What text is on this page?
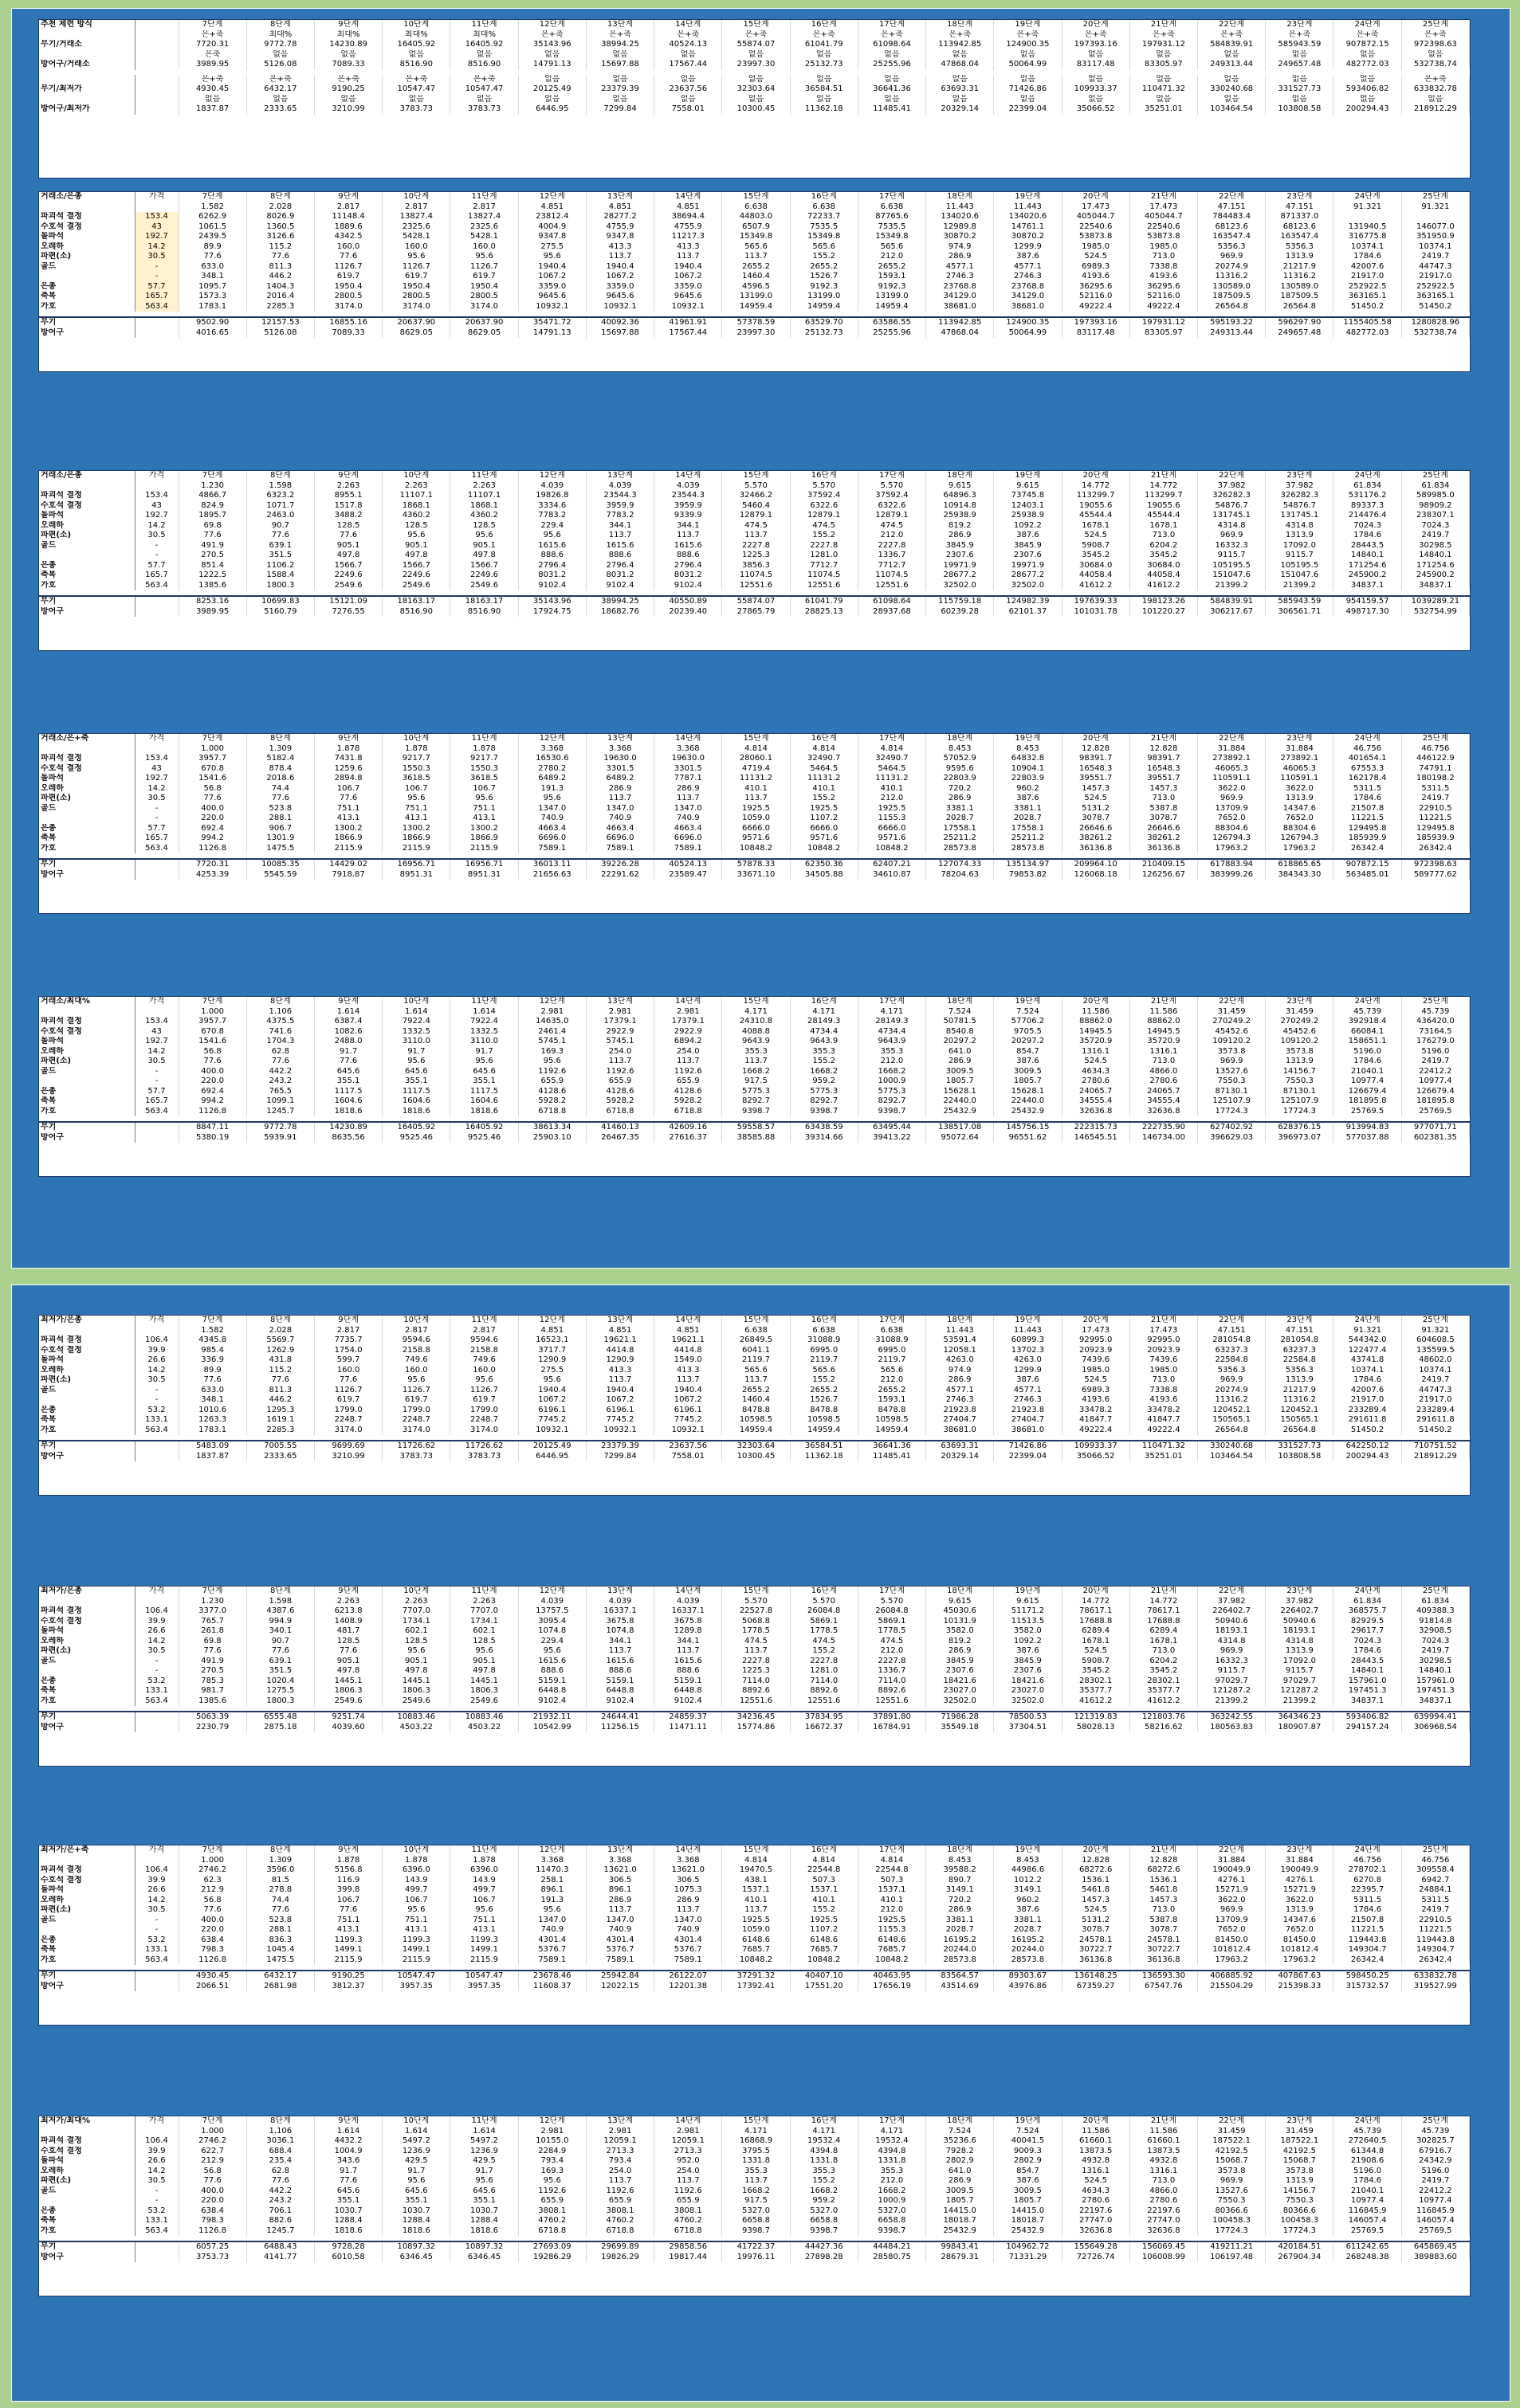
추천 제련 방식		7단계	8단계	9단계	10단계	11단계	12단계	13단계	14단계	15단계	16단계	17단계	18단계	19단계	20단계	21단계	22단계	23단계	24단계	25단계
		은+축	최대%	최대%	최대%	최대%	은+축	은+축	은+축	은+축	은+축	은+축	은+축	은+축	은+축	은+축	은+축	은+축	은+축	은+축
무기/거래소		7720.31	9772.78	14230.89	16405.92	16405.92	35143.96	38994.25	40524.13	55874.07	61041.79	61098.64	113942.85	124900.35	197393.16	197931.12	584839.91	585943.59	907872.15	972398.63
		은축	없음	없음	없음	없음	없음	없음	없음	없음	없음	없음	없음	없음	없음	없음	없음	없음	없음	없음
방어구/거래소		3989.95	5126.08	7089.33	8516.90	8516.90	14791.13	15697.88	17567.44	23997.30	25132.73	25255.96	47868.04	50064.99	83117.48	83305.97	249313.44	249657.48	482772.03	532738.74

		은+축	은+축	은+축	은+축	은+축	없음	없음	없음	없음	없음	없음	없음	없음	없음	없음	없음	없음	없음	은+축
무기/최저가		4930.45	6432.17	9190.25	10547.47	10547.47	20125.49	23379.39	23637.56	32303.64	36584.51	36641.36	63693.31	71426.86	109933.37	110471.32	330240.68	331527.73	593406.82	633832.78
		없음	없음	없음	없음	없음	없음	없음	없음	없음	없음	없음	없음	없음	없음	없음	없음	없음	없음	없음
방어구/최저가		1837.87	2333.65	3210.99	3783.73	3783.73	6446.95	7299.84	7558.01	10300.45	11362.18	11485.41	20329.14	22399.04	35066.52	35251.01	103464.54	103808.58	200294.43	218912.29
거래소/은총	가격	7단계	8단계	9단계	10단계	11단계	12단계	13단계	14단계	15단계	16단계	17단계	18단계	19단계	20단계	21단계	22단계	23단계	24단계	25단계
		1.582	2.028	2.817	2.817	2.817	4.851	4.851	4.851	6.638	6.638	6.638	11.443	11.443	17.473	17.473	47.151	47.151	91.321	91.321
파괴석 결정	153.4	6262.9	8026.9	11148.4	13827.4	13827.4	23812.4	28277.2	38694.4	44803.0	72233.7	87765.6	134020.6	134020.6	405044.7	405044.7	784483.4	871337.0		
수호석 결정	43	1061.5	1360.5	1889.6	2325.6	2325.6	4004.9	4755.9	4755.9	6507.9	7535.5	7535.5	12989.8	14761.1	22540.6	22540.6	68123.6	68123.6	131940.5	146077.0
돌파석	192.7	2439.5	3126.6	4342.5	5428.1	5428.1	9347.8	9347.8	11217.3	15349.8	15349.8	15349.8	30870.2	30870.2	53873.8	53873.8	163547.4	163547.4	316775.8	351950.9
오레하	14.2	89.9	115.2	160.0	160.0	160.0	275.5	413.3	413.3	565.6	565.6	565.6	974.9	1299.9	1985.0	1985.0	5356.3	5356.3	10374.1	10374.1
파편(소)	30.5	77.6	77.6	77.6	95.6	95.6	95.6	113.7	113.7	113.7	155.2	212.0	286.9	387.6	524.5	713.0	969.9	1313.9	1784.6	2419.7
골드	-	633.0	811.3	1126.7	1126.7	1126.7	1940.4	1940.4	1940.4	2655.2	2655.2	2655.2	4577.1	4577.1	6989.3	7338.8	20274.9	21217.9	42007.6	44747.3
	-	348.1	446.2	619.7	619.7	619.7	1067.2	1067.2	1067.2	1460.4	1526.7	1593.1	2746.3	2746.3	4193.6	4193.6	11316.2	11316.2	21917.0	21917.0
은총	57.7	1095.7	1404.3	1950.4	1950.4	1950.4	3359.0	3359.0	3359.0	4596.5	9192.3	9192.3	23768.8	23768.8	36295.6	36295.6	130589.0	130589.0	252922.5	252922.5
축복	165.7	1573.3	2016.4	2800.5	2800.5	2800.5	9645.6	9645.6	9645.6	13199.0	13199.0	13199.0	34129.0	34129.0	52116.0	52116.0	187509.5	187509.5	363165.1	363165.1
가호	563.4	1783.1	2285.3	3174.0	3174.0	3174.0	10932.1	10932.1	10932.1	14959.4	14959.4	14959.4	38681.0	38681.0	49222.4	49222.4	26564.8	26564.8	51450.2	51450.2

무기		9502.90	12157.53	16855.16	20637.90	20637.90	35471.72	40092.36	41961.91	57378.59	63529.70	63586.55	113942.85	124900.35	197393.16	197931.12	595193.22	596297.90	1155405.58	1280828.96
방어구		4016.65	5126.08	7089.33	8629.05	8629.05	14791.13	15697.88	17567.44	23997.30	25132.73	25255.96	47868.04	50064.99	83117.48	83305.97	249313.44	249657.48	482772.03	532738.74
거래소/은총	가격	7단계	8단계	9단계	10단계	11단계	12단계	13단계	14단계	15단계	16단계	17단계	18단계	19단계	20단계	21단계	22단계	23단계	24단계	25단계
		1.230	1.598	2.263	2.263	2.263	4.039	4.039	4.039	5.570	5.570	5.570	9.615	9.615	14.772	14.772	37.982	37.982	61.834	61.834
파괴석 결정	153.4	4866.7	6323.2	8955.1	11107.1	11107.1	19826.8	23544.3	23544.3	32466.2	37592.4	37592.4	64896.3	73745.8	113299.7	113299.7	326282.3	326282.3	531176.2	589985.0
수호석 결정	43	824.9	1071.7	1517.8	1868.1	1868.1	3334.6	3959.9	3959.9	5460.4	6322.6	6322.6	10914.8	12403.1	19055.6	19055.6	54876.7	54876.7	89337.3	98909.2
돌파석	192.7	1895.7	2463.0	3488.2	4360.2	4360.2	7783.2	7783.2	9339.9	12879.1	12879.1	12879.1	25938.9	25938.9	45544.4	45544.4	131745.1	131745.1	214476.4	238307.1
오레하	14.2	69.8	90.7	128.5	128.5	128.5	229.4	344.1	344.1	474.5	474.5	474.5	819.2	1092.2	1678.1	1678.1	4314.8	4314.8	7024.3	7024.3
파편(소)	30.5	77.6	77.6	77.6	95.6	95.6	95.6	113.7	113.7	113.7	155.2	212.0	286.9	387.6	524.5	713.0	969.9	1313.9	1784.6	2419.7
골드	-	491.9	639.1	905.1	905.1	905.1	1615.6	1615.6	1615.6	2227.8	2227.8	2227.8	3845.9	3845.9	5908.7	6204.2	16332.3	17092.0	28443.5	30298.5
	-	270.5	351.5	497.8	497.8	497.8	888.6	888.6	888.6	1225.3	1281.0	1336.7	2307.6	2307.6	3545.2	3545.2	9115.7	9115.7	14840.1	14840.1
은총	57.7	851.4	1106.2	1566.7	1566.7	1566.7	2796.4	2796.4	2796.4	3856.3	7712.7	7712.7	19971.9	19971.9	30684.0	30684.0	105195.5	105195.5	171254.6	171254.6
축복	165.7	1222.5	1588.4	2249.6	2249.6	2249.6	8031.2	8031.2	8031.2	11074.5	11074.5	11074.5	28677.2	28677.2	44058.4	44058.4	151047.6	151047.6	245900.2	245900.2
가호	563.4	1385.6	1800.3	2549.6	2549.6	2549.6	9102.4	9102.4	9102.4	12551.6	12551.6	12551.6	32502.0	32502.0	41612.2	41612.2	21399.2	21399.2	34837.1	34837.1

무기		8253.16	10699.83	15121.09	18163.17	18163.17	35143.96	38994.25	40550.89	55874.07	61041.79	61098.64	115759.18	124982.39	197639.33	198123.26	584839.91	585943.59	954159.57	1039289.21
방어구		3989.95	5160.79	7276.55	8516.90	8516.90	17924.75	18682.76	20239.40	27865.79	28825.13	28937.68	60239.28	62101.37	101031.78	101220.27	306217.67	306561.71	498717.30	532754.99
거래소/은+축	가격	7단계	8단계	9단계	10단계	11단계	12단계	13단계	14단계	15단계	16단계	17단계	18단계	19단계	20단계	21단계	22단계	23단계	24단계	25단계
		1.000	1.309	1.878	1.878	1.878	3.368	3.368	3.368	4.814	4.814	4.814	8.453	8.453	12.828	12.828	31.884	31.884	46.756	46.756
파괴석 결정	153.4	3957.7	5182.4	7431.8	9217.7	9217.7	16530.6	19630.0	19630.0	28060.1	32490.7	32490.7	57052.9	64832.8	98391.7	98391.7	273892.1	273892.1	401654.1	446122.9
수호석 결정	43	670.8	878.4	1259.6	1550.3	1550.3	2780.2	3301.5	3301.5	4719.4	5464.5	5464.5	9595.6	10904.1	16548.3	16548.3	46065.3	46065.3	67553.3	74791.1
돌파석	192.7	1541.6	2018.6	2894.8	3618.5	3618.5	6489.2	6489.2	7787.1	11131.2	11131.2	11131.2	22803.9	22803.9	39551.7	39551.7	110591.1	110591.1	162178.4	180198.2
오레하	14.2	56.8	74.4	106.7	106.7	106.7	191.3	286.9	286.9	410.1	410.1	410.1	720.2	960.2	1457.3	1457.3	3622.0	3622.0	5311.5	5311.5
파편(소)	30.5	77.6	77.6	77.6	95.6	95.6	95.6	113.7	113.7	113.7	155.2	212.0	286.9	387.6	524.5	713.0	969.9	1313.9	1784.6	2419.7
골드	-	400.0	523.8	751.1	751.1	751.1	1347.0	1347.0	1347.0	1925.5	1925.5	1925.5	3381.1	3381.1	5131.2	5387.8	13709.9	14347.6	21507.8	22910.5
	-	220.0	288.1	413.1	413.1	413.1	740.9	740.9	740.9	1059.0	1107.2	1155.3	2028.7	2028.7	3078.7	3078.7	7652.0	7652.0	11221.5	11221.5
은총	57.7	692.4	906.7	1300.2	1300.2	1300.2	4663.4	4663.4	4663.4	6666.0	6666.0	6666.0	17558.1	17558.1	26646.6	26646.6	88304.6	88304.6	129495.8	129495.8
축복	165.7	994.2	1301.9	1866.9	1866.9	1866.9	6696.0	6696.0	6696.0	9571.6	9571.6	9571.6	25211.2	25211.2	38261.2	38261.2	126794.3	126794.3	185939.9	185939.9
가호	563.4	1126.8	1475.5	2115.9	2115.9	2115.9	7589.1	7589.1	7589.1	10848.2	10848.2	10848.2	28573.8	28573.8	36136.8	36136.8	17963.2	17963.2	26342.4	26342.4

무기		7720.31	10085.35	14429.02	16956.71	16956.71	36013.11	39226.28	40524.13	57878.33	62350.36	62407.21	127074.33	135134.97	209964.10	210409.15	617883.94	618865.65	907872.15	972398.63
방어구		4253.39	5545.59	7918.87	8951.31	8951.31	21656.63	22291.62	23589.47	33671.10	34505.88	34610.87	78204.63	79853.82	126068.18	126256.67	383999.26	384343.30	563485.01	589777.62
거래소/최대%	가격	7단계	8단계	9단계	10단계	11단계	12단계	13단계	14단계	15단계	16단계	17단계	18단계	19단계	20단계	21단계	22단계	23단계	24단계	25단계
		1.000	1.106	1.614	1.614	1.614	2.981	2.981	2.981	4.171	4.171	4.171	7.524	7.524	11.586	11.586	31.459	31.459	45.739	45.739
파괴석 결정	153.4	3957.7	4375.5	6387.4	7922.4	7922.4	14635.0	17379.1	17379.1	24310.8	28149.3	28149.3	50781.5	57706.2	88862.0	88862.0	270249.2	270249.2	392918.4	436420.0
수호석 결정	43	670.8	741.6	1082.6	1332.5	1332.5	2461.4	2922.9	2922.9	4088.8	4734.4	4734.4	8540.8	9705.5	14945.5	14945.5	45452.6	45452.6	66084.1	73164.5
돌파석	192.7	1541.6	1704.3	2488.0	3110.0	3110.0	5745.1	5745.1	6894.2	9643.9	9643.9	9643.9	20297.2	20297.2	35720.9	35720.9	109120.2	109120.2	158651.1	176279.0
오레하	14.2	56.8	62.8	91.7	91.7	91.7	169.3	254.0	254.0	355.3	355.3	355.3	641.0	854.7	1316.1	1316.1	3573.8	3573.8	5196.0	5196.0
파편(소)	30.5	77.6	77.6	77.6	95.6	95.6	95.6	113.7	113.7	113.7	155.2	212.0	286.9	387.6	524.5	713.0	969.9	1313.9	1784.6	2419.7
골드	-	400.0	442.2	645.6	645.6	645.6	1192.6	1192.6	1192.6	1668.2	1668.2	1668.2	3009.5	3009.5	4634.3	4866.0	13527.6	14156.7	21040.1	22412.2
	-	220.0	243.2	355.1	355.1	355.1	655.9	655.9	655.9	917.5	959.2	1000.9	1805.7	1805.7	2780.6	2780.6	7550.3	7550.3	10977.4	10977.4
은총	57.7	692.4	765.5	1117.5	1117.5	1117.5	4128.6	4128.6	4128.6	5775.3	5775.3	5775.3	15628.1	15628.1	24065.7	24065.7	87130.1	87130.1	126679.4	126679.4
축복	165.7	994.2	1099.1	1604.6	1604.6	1604.6	5928.2	5928.2	5928.2	8292.7	8292.7	8292.7	22440.0	22440.0	34555.4	34555.4	125107.9	125107.9	181895.8	181895.8
가호	563.4	1126.8	1245.7	1818.6	1818.6	1818.6	6718.8	6718.8	6718.8	9398.7	9398.7	9398.7	25432.9	25432.9	32636.8	32636.8	17724.3	17724.3	25769.5	25769.5

무기		8847.11	9772.78	14230.89	16405.92	16405.92	38613.34	41460.13	42609.16	59558.57	63438.59	63495.44	138517.08	145756.15	222315.73	222735.90	627402.92	628376.15	913994.83	977071.71
방어구		5380.19	5939.91	8635.56	9525.46	9525.46	25903.10	26467.35	27616.37	38585.88	39314.66	39413.22	95072.64	96551.62	146545.51	146734.00	396629.03	396973.07	577037.88	602381.35
최저가/은총	가격	7단계	8단계	9단계	10단계	11단계	12단계	13단계	14단계	15단계	16단계	17단계	18단계	19단계	20단계	21단계	22단계	23단계	24단계	25단계
		1.582	2.028	2.817	2.817	2.817	4.851	4.851	4.851	6.638	6.638	6.638	11.443	11.443	17.473	17.473	47.151	47.151	91.321	91.321
파괴석 결정	106.4	4345.8	5569.7	7735.7	9594.6	9594.6	16523.1	19621.1	19621.1	26849.5	31088.9	31088.9	53591.4	60899.3	92995.0	92995.0	281054.8	281054.8	544342.0	604608.5
수호석 결정	39.9	985.4	1262.9	1754.0	2158.8	2158.8	3717.7	4414.8	4414.8	6041.1	6995.0	6995.0	12058.1	13702.3	20923.9	20923.9	63237.3	63237.3	122477.4	135599.5
돌파석	26.6	336.9	431.8	599.7	749.6	749.6	1290.9	1290.9	1549.0	2119.7	2119.7	2119.7	4263.0	4263.0	7439.6	7439.6	22584.8	22584.8	43741.8	48602.0
오레하	14.2	89.9	115.2	160.0	160.0	160.0	275.5	413.3	413.3	565.6	565.6	565.6	974.9	1299.9	1985.0	1985.0	5356.3	5356.3	10374.1	10374.1
파편(소)	30.5	77.6	77.6	77.6	95.6	95.6	95.6	113.7	113.7	113.7	155.2	212.0	286.9	387.6	524.5	713.0	969.9	1313.9	1784.6	2419.7
골드	-	633.0	811.3	1126.7	1126.7	1126.7	1940.4	1940.4	1940.4	2655.2	2655.2	2655.2	4577.1	4577.1	6989.3	7338.8	20274.9	21217.9	42007.6	44747.3
	-	348.1	446.2	619.7	619.7	619.7	1067.2	1067.2	1067.2	1460.4	1526.7	1593.1	2746.3	2746.3	4193.6	4193.6	11316.2	11316.2	21917.0	21917.0
은총	53.2	1010.6	1295.3	1799.0	1799.0	1799.0	6196.1	6196.1	6196.1	8478.8	8478.8	8478.8	21923.8	21923.8	33478.2	33478.2	120452.1	120452.1	233289.4	233289.4
축복	133.1	1263.3	1619.1	2248.7	2248.7	2248.7	7745.2	7745.2	7745.2	10598.5	10598.5	10598.5	27404.7	27404.7	41847.7	41847.7	150565.1	150565.1	291611.8	291611.8
가호	563.4	1783.1	2285.3	3174.0	3174.0	3174.0	10932.1	10932.1	10932.1	14959.4	14959.4	14959.4	38681.0	38681.0	49222.4	49222.4	26564.8	26564.8	51450.2	51450.2

무기		5483.09	7005.55	9699.69	11726.62	11726.62	20125.49	23379.39	23637.56	32303.64	36584.51	36641.36	63693.31	71426.86	109933.37	110471.32	330240.68	331527.73	642250.12	710751.52
방어구		1837.87	2333.65	3210.99	3783.73	3783.73	6446.95	7299.84	7558.01	10300.45	11362.18	11485.41	20329.14	22399.04	35066.52	35251.01	103464.54	103808.58	200294.43	218912.29
최저가/은총	가격	7단계	8단계	9단계	10단계	11단계	12단계	13단계	14단계	15단계	16단계	17단계	18단계	19단계	20단계	21단계	22단계	23단계	24단계	25단계
		1.230	1.598	2.263	2.263	2.263	4.039	4.039	4.039	5.570	5.570	5.570	9.615	9.615	14.772	14.772	37.982	37.982	61.834	61.834
파괴석 결정	106.4	3377.0	4387.6	6213.8	7707.0	7707.0	13757.5	16337.1	16337.1	22527.8	26084.8	26084.8	45030.6	51171.2	78617.1	78617.1	226402.7	226402.7	368575.7	409388.3
수호석 결정	39.9	765.7	994.9	1408.9	1734.1	1734.1	3095.4	3675.8	3675.8	5068.8	5869.1	5869.1	10131.9	11513.5	17688.8	17688.8	50940.6	50940.6	82929.5	91814.8
돌파석	26.6	261.8	340.1	481.7	602.1	602.1	1074.8	1074.8	1289.8	1778.5	1778.5	1778.5	3582.0	3582.0	6289.4	6289.4	18193.1	18193.1	29617.7	32908.5
오레하	14.2	69.8	90.7	128.5	128.5	128.5	229.4	344.1	344.1	474.5	474.5	474.5	819.2	1092.2	1678.1	1678.1	4314.8	4314.8	7024.3	7024.3
파편(소)	30.5	77.6	77.6	77.6	95.6	95.6	95.6	113.7	113.7	113.7	155.2	212.0	286.9	387.6	524.5	713.0	969.9	1313.9	1784.6	2419.7
골드	-	491.9	639.1	905.1	905.1	905.1	1615.6	1615.6	1615.6	2227.8	2227.8	2227.8	3845.9	3845.9	5908.7	6204.2	16332.3	17092.0	28443.5	30298.5
	-	270.5	351.5	497.8	497.8	497.8	888.6	888.6	888.6	1225.3	1281.0	1336.7	2307.6	2307.6	3545.2	3545.2	9115.7	9115.7	14840.1	14840.1
은총	53.2	785.3	1020.4	1445.1	1445.1	1445.1	5159.1	5159.1	5159.1	7114.0	7114.0	7114.0	18421.6	18421.6	28302.1	28302.1	97029.7	97029.7	157961.0	157961.0
축복	133.1	981.7	1275.5	1806.3	1806.3	1806.3	6448.8	6448.8	6448.8	8892.6	8892.6	8892.6	23027.0	23027.0	35377.7	35377.7	121287.2	121287.2	197451.3	197451.3
가호	563.4	1385.6	1800.3	2549.6	2549.6	2549.6	9102.4	9102.4	9102.4	12551.6	12551.6	12551.6	32502.0	32502.0	41612.2	41612.2	21399.2	21399.2	34837.1	34837.1

무기		5063.39	6555.48	9251.74	10883.46	10883.46	21932.11	24644.41	24859.37	34236.45	37834.95	37891.80	71986.28	78500.53	121319.83	121803.76	363242.55	364346.23	593406.82	639994.41
방어구		2230.79	2875.18	4039.60	4503.22	4503.22	10542.99	11256.15	11471.11	15774.86	16672.37	16784.91	35549.18	37304.51	58028.13	58216.62	180563.83	180907.87	294157.24	306968.54
최저가/은+축	가격	7단계	8단계	9단계	10단계	11단계	12단계	13단계	14단계	15단계	16단계	17단계	18단계	19단계	20단계	21단계	22단계	23단계	24단계	25단계
		1.000	1.309	1.878	1.878	1.878	3.368	3.368	3.368	4.814	4.814	4.814	8.453	8.453	12.828	12.828	31.884	31.884	46.756	46.756
파괴석 결정	106.4	2746.2	3596.0	5156.8	6396.0	6396.0	11470.3	13621.0	13621.0	19470.5	22544.8	22544.8	39588.2	44986.6	68272.6	68272.6	190049.9	190049.9	278702.1	309558.4
수호석 결정	39.9	62.3	81.5	116.9	143.9	143.9	258.1	306.5	306.5	438.1	507.3	507.3	890.7	1012.2	1536.1	1536.1	4276.1	4276.1	6270.8	6942.7
돌파석	26.6	212.9	278.8	399.8	499.7	499.7	896.1	896.1	1075.3	1537.1	1537.1	1537.1	3149.1	3149.1	5461.8	5461.8	15271.9	15271.9	22395.7	24884.1
오레하	14.2	56.8	74.4	106.7	106.7	106.7	191.3	286.9	286.9	410.1	410.1	410.1	720.2	960.2	1457.3	1457.3	3622.0	3622.0	5311.5	5311.5
파편(소)	30.5	77.6	77.6	77.6	95.6	95.6	95.6	113.7	113.7	113.7	155.2	212.0	286.9	387.6	524.5	713.0	969.9	1313.9	1784.6	2419.7
골드	-	400.0	523.8	751.1	751.1	751.1	1347.0	1347.0	1347.0	1925.5	1925.5	1925.5	3381.1	3381.1	5131.2	5387.8	13709.9	14347.6	21507.8	22910.5
	-	220.0	288.1	413.1	413.1	413.1	740.9	740.9	740.9	1059.0	1107.2	1155.3	2028.7	2028.7	3078.7	3078.7	7652.0	7652.0	11221.5	11221.5
은총	53.2	638.4	836.3	1199.3	1199.3	1199.3	4301.4	4301.4	4301.4	6148.6	6148.6	6148.6	16195.2	16195.2	24578.1	24578.1	81450.0	81450.0	119443.8	119443.8
축복	133.1	798.3	1045.4	1499.1	1499.1	1499.1	5376.7	5376.7	5376.7	7685.7	7685.7	7685.7	20244.0	20244.0	30722.7	30722.7	101812.4	101812.4	149304.7	149304.7
가호	563.4	1126.8	1475.5	2115.9	2115.9	2115.9	7589.1	7589.1	7589.1	10848.2	10848.2	10848.2	28573.8	28573.8	36136.8	36136.8	17963.2	17963.2	26342.4	26342.4

무기		4930.45	6432.17	9190.25	10547.47	10547.47	23678.46	25942.84	26122.07	37291.32	40407.10	40463.95	83564.57	89303.67	136148.25	136593.30	406885.92	407867.63	598450.25	633832.78
방어구		2066.51	2681.98	3812.37	3957.35	3957.35	11608.37	12022.15	12201.38	17392.41	17551.20	17656.19	43514.69	43976.86	67359.27	67547.76	215504.29	215398.33	315732.57	319527.99
최저가/최대%	가격	7단계	8단계	9단계	10단계	11단계	12단계	13단계	14단계	15단계	16단계	17단계	18단계	19단계	20단계	21단계	22단계	23단계	24단계	25단계
		1.000	1.106	1.614	1.614	1.614	2.981	2.981	2.981	4.171	4.171	4.171	7.524	7.524	11.586	11.586	31.459	31.459	45.739	45.739
파괴석 결정	106.4	2746.2	3036.1	4432.2	5497.2	5497.2	10155.0	12059.1	12059.1	16868.9	19532.4	19532.4	35236.6	40041.5	61660.1	61660.1	187522.1	187522.1	272640.5	302825.7
수호석 결정	39.9	622.7	688.4	1004.9	1236.9	1236.9	2284.9	2713.3	2713.3	3795.5	4394.8	4394.8	7928.2	9009.3	13873.5	13873.5	42192.5	42192.5	61344.8	67916.7
돌파석	26.6	212.9	235.4	343.6	429.5	429.5	793.4	793.4	952.0	1331.8	1331.8	1331.8	2802.9	2802.9	4932.8	4932.8	15068.7	15068.7	21908.6	24342.9
오레하	14.2	56.8	62.8	91.7	91.7	91.7	169.3	254.0	254.0	355.3	355.3	355.3	641.0	854.7	1316.1	1316.1	3573.8	3573.8	5196.0	5196.0
파편(소)	30.5	77.6	77.6	77.6	95.6	95.6	95.6	113.7	113.7	113.7	155.2	212.0	286.9	387.6	524.5	713.0	969.9	1313.9	1784.6	2419.7
골드	-	400.0	442.2	645.6	645.6	645.6	1192.6	1192.6	1192.6	1668.2	1668.2	1668.2	3009.5	3009.5	4634.3	4866.0	13527.6	14156.7	21040.1	22412.2
	-	220.0	243.2	355.1	355.1	355.1	655.9	655.9	655.9	917.5	959.2	1000.9	1805.7	1805.7	2780.6	2780.6	7550.3	7550.3	10977.4	10977.4
은총	53.2	638.4	706.1	1030.7	1030.7	1030.7	3808.1	3808.1	3808.1	5327.0	5327.0	5327.0	14415.0	14415.0	22197.6	22197.6	80366.6	80366.6	116845.9	116845.9
축복	133.1	798.3	882.6	1288.4	1288.4	1288.4	4760.2	4760.2	4760.2	6658.8	6658.8	6658.8	18018.7	18018.7	27747.0	27747.0	100458.3	100458.3	146057.4	146057.4
가호	563.4	1126.8	1245.7	1818.6	1818.6	1818.6	6718.8	6718.8	6718.8	9398.7	9398.7	9398.7	25432.9	25432.9	32636.8	32636.8	17724.3	17724.3	25769.5	25769.5

무기		6057.25	6488.43	9728.28	10897.32	10897.32	27693.09	29699.89	29858.56	41722.37	44427.36	44484.21	99843.41	104962.72	155649.28	156069.45	419211.21	420184.51	611242.65	645869.45
방어구		3753.73	4141.77	6010.58	6346.45	6346.45	19286.29	19826.29	19817.44	19976.11	27898.28	28580.75	28679.31	71331.29	72726.74	106008.99	106197.48	267904.34	268248.38	389883.60
